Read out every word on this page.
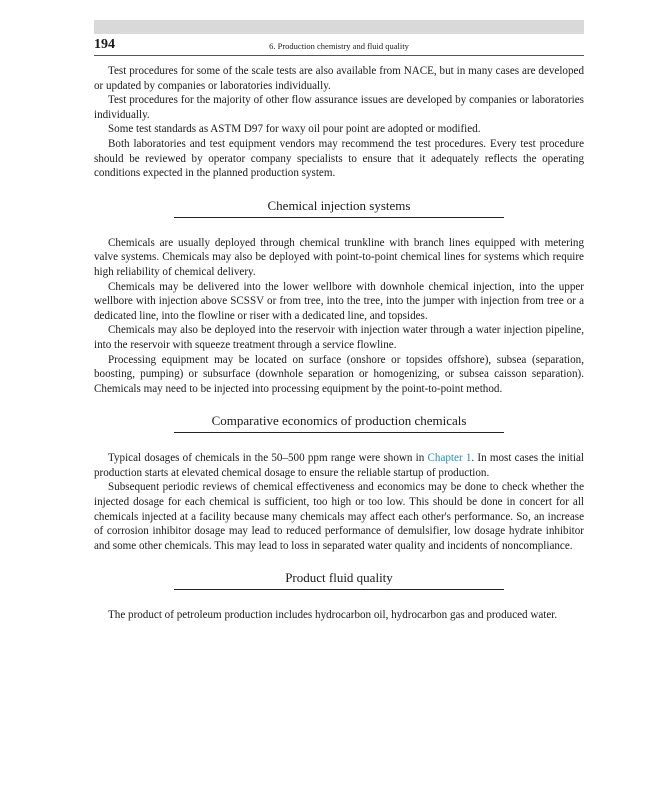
194	6. Production chemistry and fluid quality

Test procedures for some of the scale tests are also available from NACE, but in many cases are developed or updated by companies or laboratories individually.

Test procedures for the majority of other flow assurance issues are developed by companies or laboratories individually.

Some test standards as ASTM D97 for waxy oil pour point are adopted or modified.

Both laboratories and test equipment vendors may recommend the test procedures. Every test procedure should be reviewed by operator company specialists to ensure that it adequately reflects the operating conditions expected in the planned production system.

Chemical injection systems

Chemicals are usually deployed through chemical trunkline with branch lines equipped with metering valve systems. Chemicals may also be deployed with point-to-point chemical lines for systems which require high reliability of chemical delivery.

Chemicals may be delivered into the lower wellbore with downhole chemical injection, into the upper wellbore with injection above SCSSV or from tree, into the tree, into the jumper with injection from tree or a dedicated line, into the flowline or riser with a dedicated line, and topsides.

Chemicals may also be deployed into the reservoir with injection water through a water injection pipeline, into the reservoir with squeeze treatment through a service flowline.

Processing equipment may be located on surface (onshore or topsides offshore), subsea (separation, boosting, pumping) or subsurface (downhole separation or homogenizing, or subsea caisson separation). Chemicals may need to be injected into processing equipment by the point-to-point method.

Comparative economics of production chemicals

Typical dosages of chemicals in the 50–500 ppm range were shown in Chapter 1. In most cases the initial production starts at elevated chemical dosage to ensure the reliable startup of production.

Subsequent periodic reviews of chemical effectiveness and economics may be done to check whether the injected dosage for each chemical is sufficient, too high or too low. This should be done in concert for all chemicals injected at a facility because many chemicals may affect each other's performance. So, an increase of corrosion inhibitor dosage may lead to reduced performance of demulsifier, low dosage hydrate inhibitor and some other chemicals. This may lead to loss in separated water quality and incidents of noncompliance.

Product fluid quality

The product of petroleum production includes hydrocarbon oil, hydrocarbon gas and produced water.
